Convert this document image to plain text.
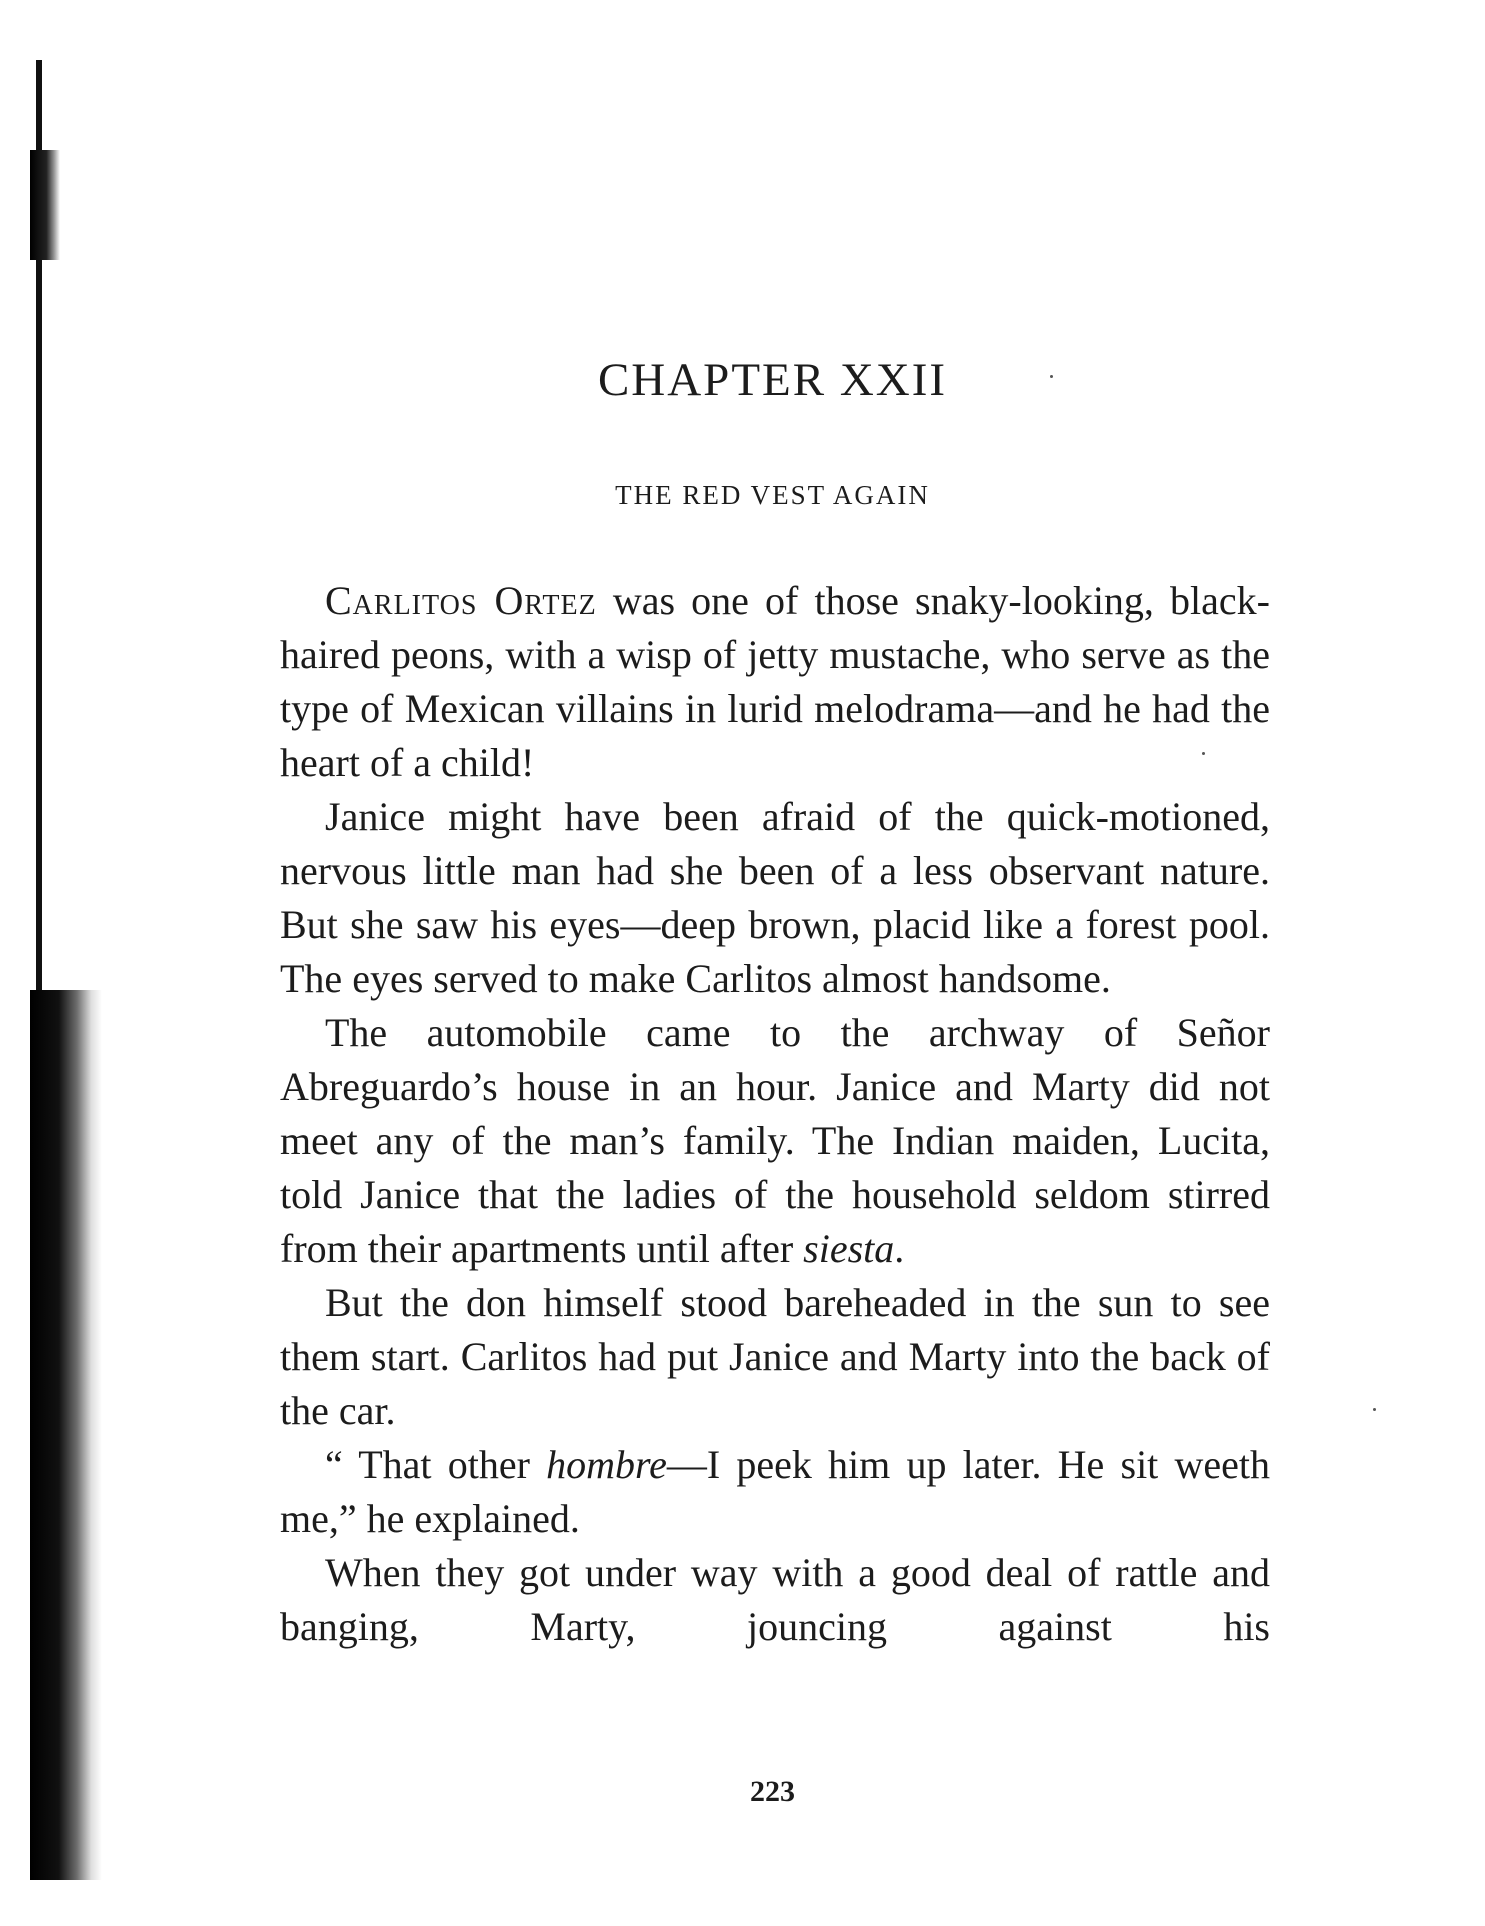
CHAPTER XXII
THE RED VEST AGAIN

Carlitos Ortez was one of those snaky-looking, black-haired peons, with a wisp of jetty mustache, who serve as the type of Mexican villains in lurid melodrama—and he had the heart of a child!

Janice might have been afraid of the quick-motioned, nervous little man had she been of a less observant nature. But she saw his eyes—deep brown, placid like a forest pool. The eyes served to make Carlitos almost handsome.

The automobile came to the archway of Señor Abreguardo’s house in an hour. Janice and Marty did not meet any of the man’s family. The Indian maiden, Lucita, told Janice that the ladies of the household seldom stirred from their apartments until after siesta.

But the don himself stood bareheaded in the sun to see them start. Carlitos had put Janice and Marty into the back of the car.

“ That other hombre—I peek him up later. He sit weeth me,” he explained.

When they got under way with a good deal of rattle and banging, Marty, jouncing against his

223
